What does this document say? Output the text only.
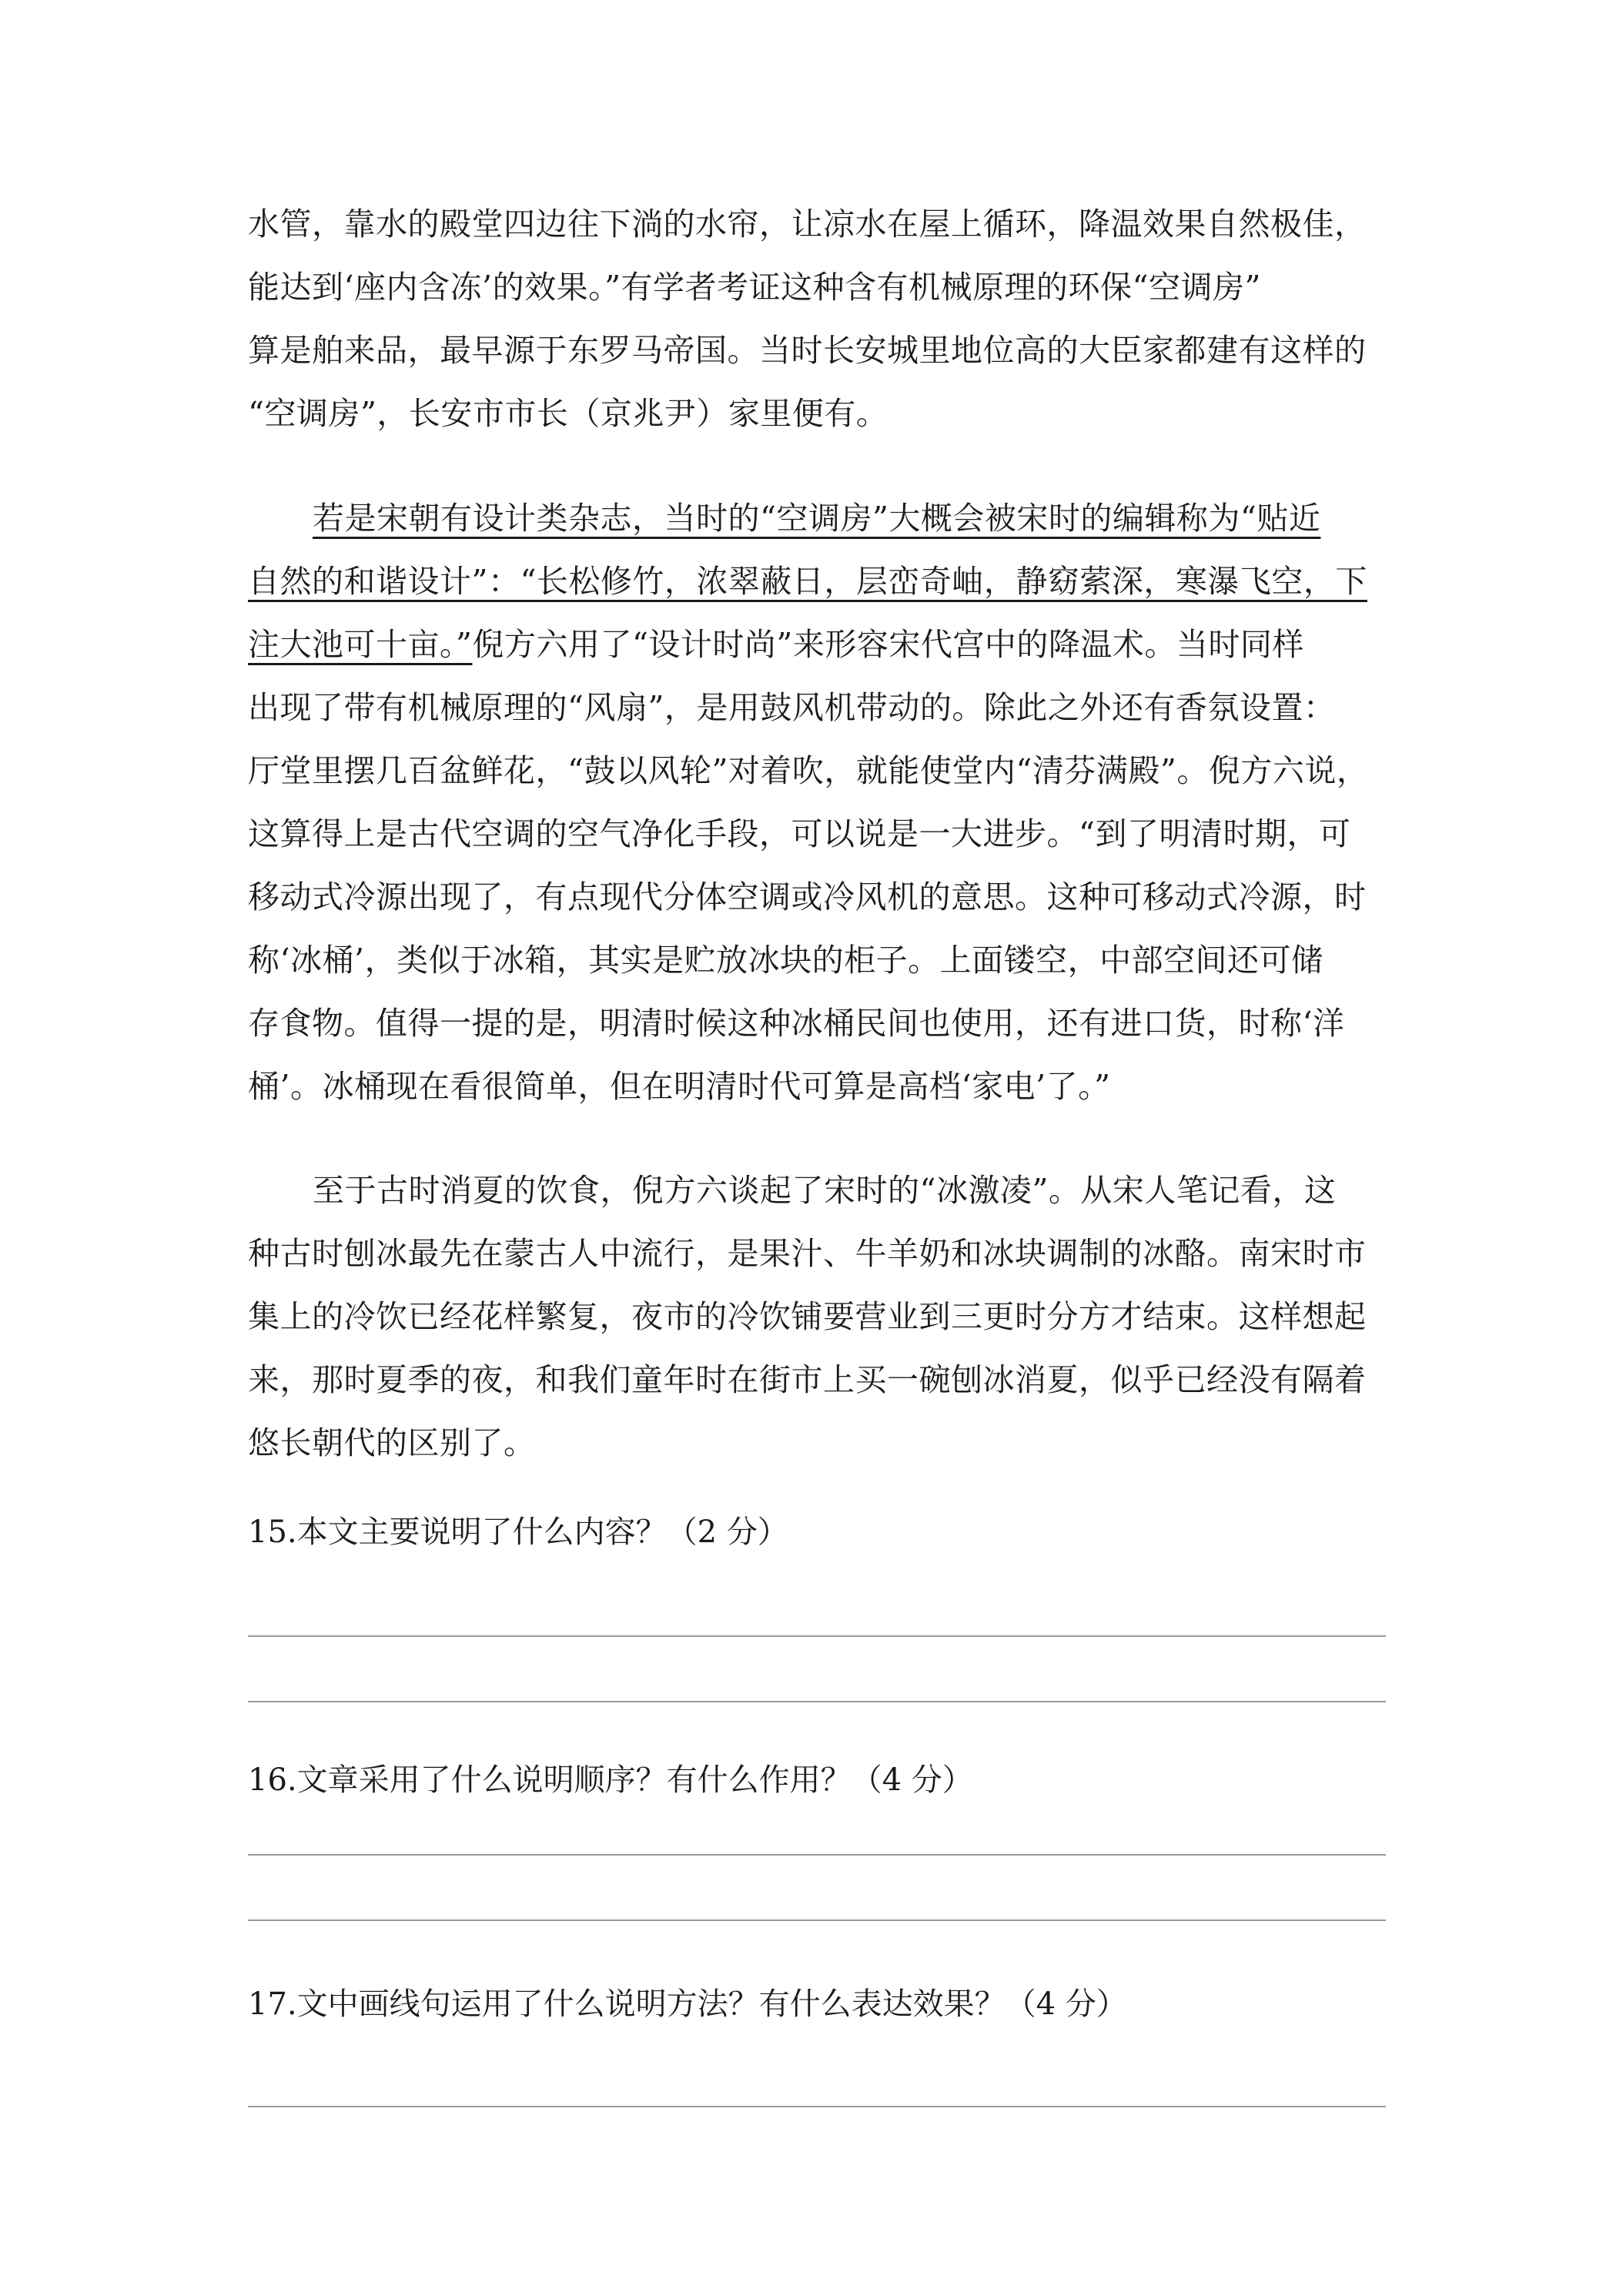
水管，靠水的殿堂四边往下淌的水帘，让凉水在屋上循环，降温效果自然极佳，
能达到‘座内含冻’的效果。”有学者考证这种含有机械原理的环保“空调房”
算是舶来品，最早源于东罗马帝国。当时长安城里地位高的大臣家都建有这样的
“空调房”，长安市市长（京兆尹）家里便有。
若是宋朝有设计类杂志，当时的“空调房”大概会被宋时的编辑称为“贴近
自然的和谐设计”：“长松修竹，浓翠蔽日，层峦奇岫，静窈萦深，寒瀑飞空，下
注大池可十亩。”倪方六用了“设计时尚”来形容宋代宫中的降温术。当时同样
出现了带有机械原理的“风扇”，是用鼓风机带动的。除此之外还有香氛设置：
厅堂里摆几百盆鲜花，“鼓以风轮”对着吹，就能使堂内“清芬满殿”。倪方六说，
这算得上是古代空调的空气净化手段，可以说是一大进步。“到了明清时期，可
移动式冷源出现了，有点现代分体空调或冷风机的意思。这种可移动式冷源，时
称‘冰桶’，类似于冰箱，其实是贮放冰块的柜子。上面镂空，中部空间还可储
存食物。值得一提的是，明清时候这种冰桶民间也使用，还有进口货，时称‘洋
桶’。冰桶现在看很简单，但在明清时代可算是高档‘家电’了。”
至于古时消夏的饮食，倪方六谈起了宋时的“冰激凌”。从宋人笔记看，这
种古时刨冰最先在蒙古人中流行，是果汁、牛羊奶和冰块调制的冰酪。南宋时市
集上的冷饮已经花样繁复，夜市的冷饮铺要营业到三更时分方才结束。这样想起
来，那时夏季的夜，和我们童年时在街市上买一碗刨冰消夏，似乎已经没有隔着
悠长朝代的区别了。
15.本文主要说明了什么内容？（2 分）
16.文章采用了什么说明顺序？有什么作用？（4 分）
17.文中画线句运用了什么说明方法？有什么表达效果？（4 分）
